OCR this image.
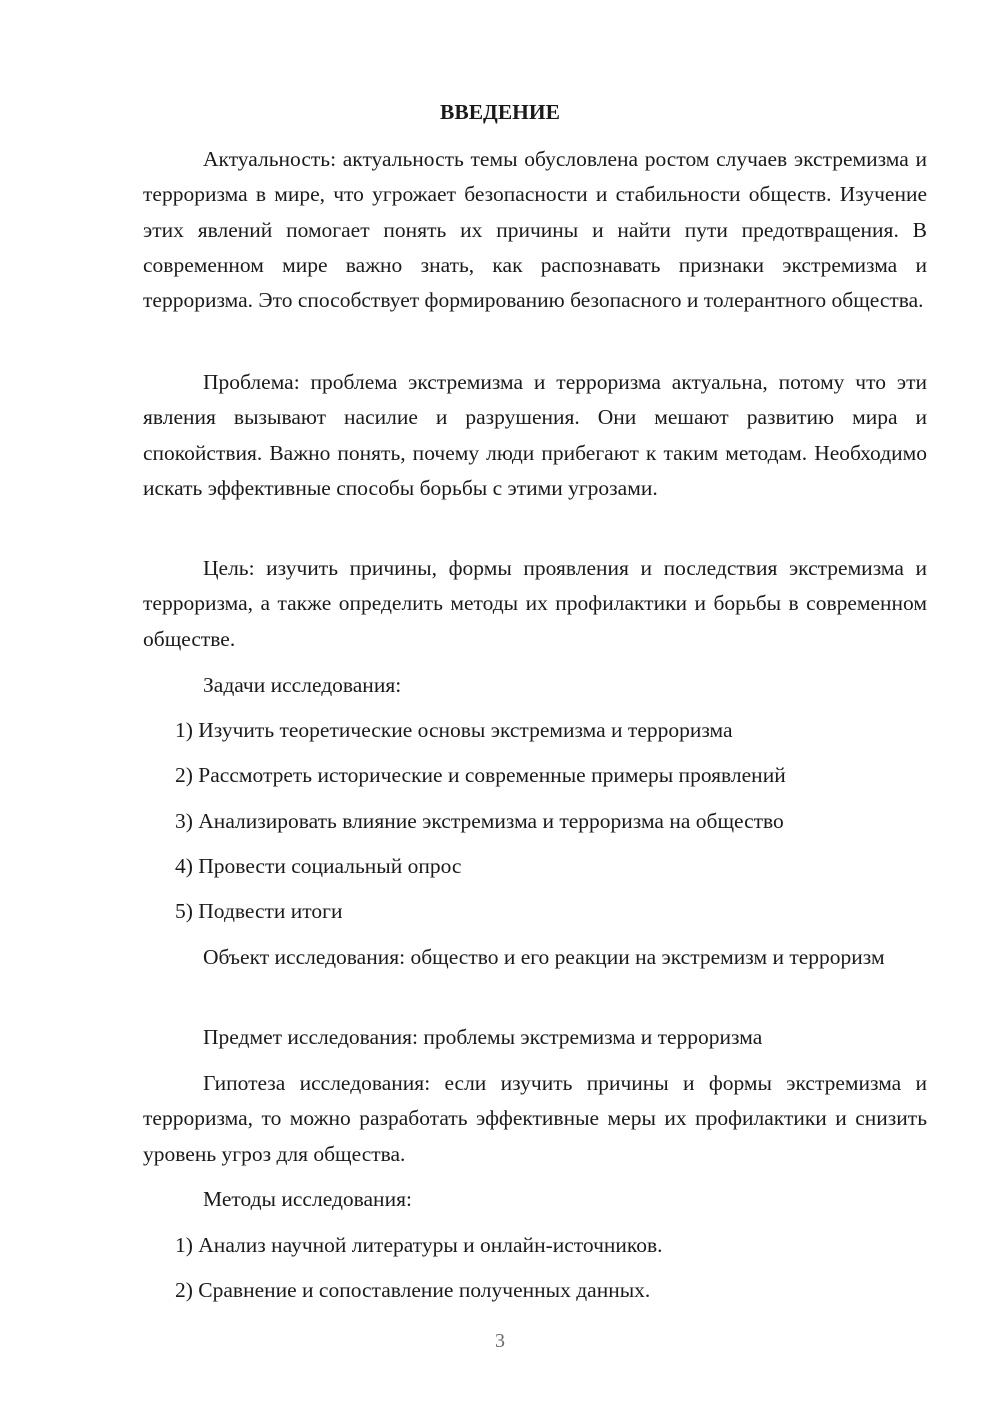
ВВЕДЕНИЕ

Актуальность: актуальность темы обусловлена ростом случаев экстремизма и терроризма в мире, что угрожает безопасности и стабильности обществ. Изучение этих явлений помогает понять их причины и найти пути предотвращения. В современном мире важно знать, как распознавать признаки экстремизма и терроризма. Это способствует формированию безопасного и толерантного общества.

Проблема: проблема экстремизма и терроризма актуальна, потому что эти явления вызывают насилие и разрушения. Они мешают развитию мира и спокойствия. Важно понять, почему люди прибегают к таким методам. Необходимо искать эффективные способы борьбы с этими угрозами.

Цель: изучить причины, формы проявления и последствия экстремизма и терроризма, а также определить методы их профилактики и борьбы в современном обществе.

Задачи исследования:

1) Изучить теоретические основы экстремизма и терроризма

2) Рассмотреть исторические и современные примеры проявлений

3) Анализировать влияние экстремизма и терроризма на общество

4) Провести социальный опрос

5) Подвести итоги

Объект исследования: общество и его реакции на экстремизм и терроризм

Предмет исследования: проблемы экстремизма и терроризма

Гипотеза исследования: если изучить причины и формы экстремизма и терроризма, то можно разработать эффективные меры их профилактики и снизить уровень угроз для общества.

Методы исследования:

1) Анализ научной литературы и онлайн-источников.

2) Сравнение и сопоставление полученных данных.

3
